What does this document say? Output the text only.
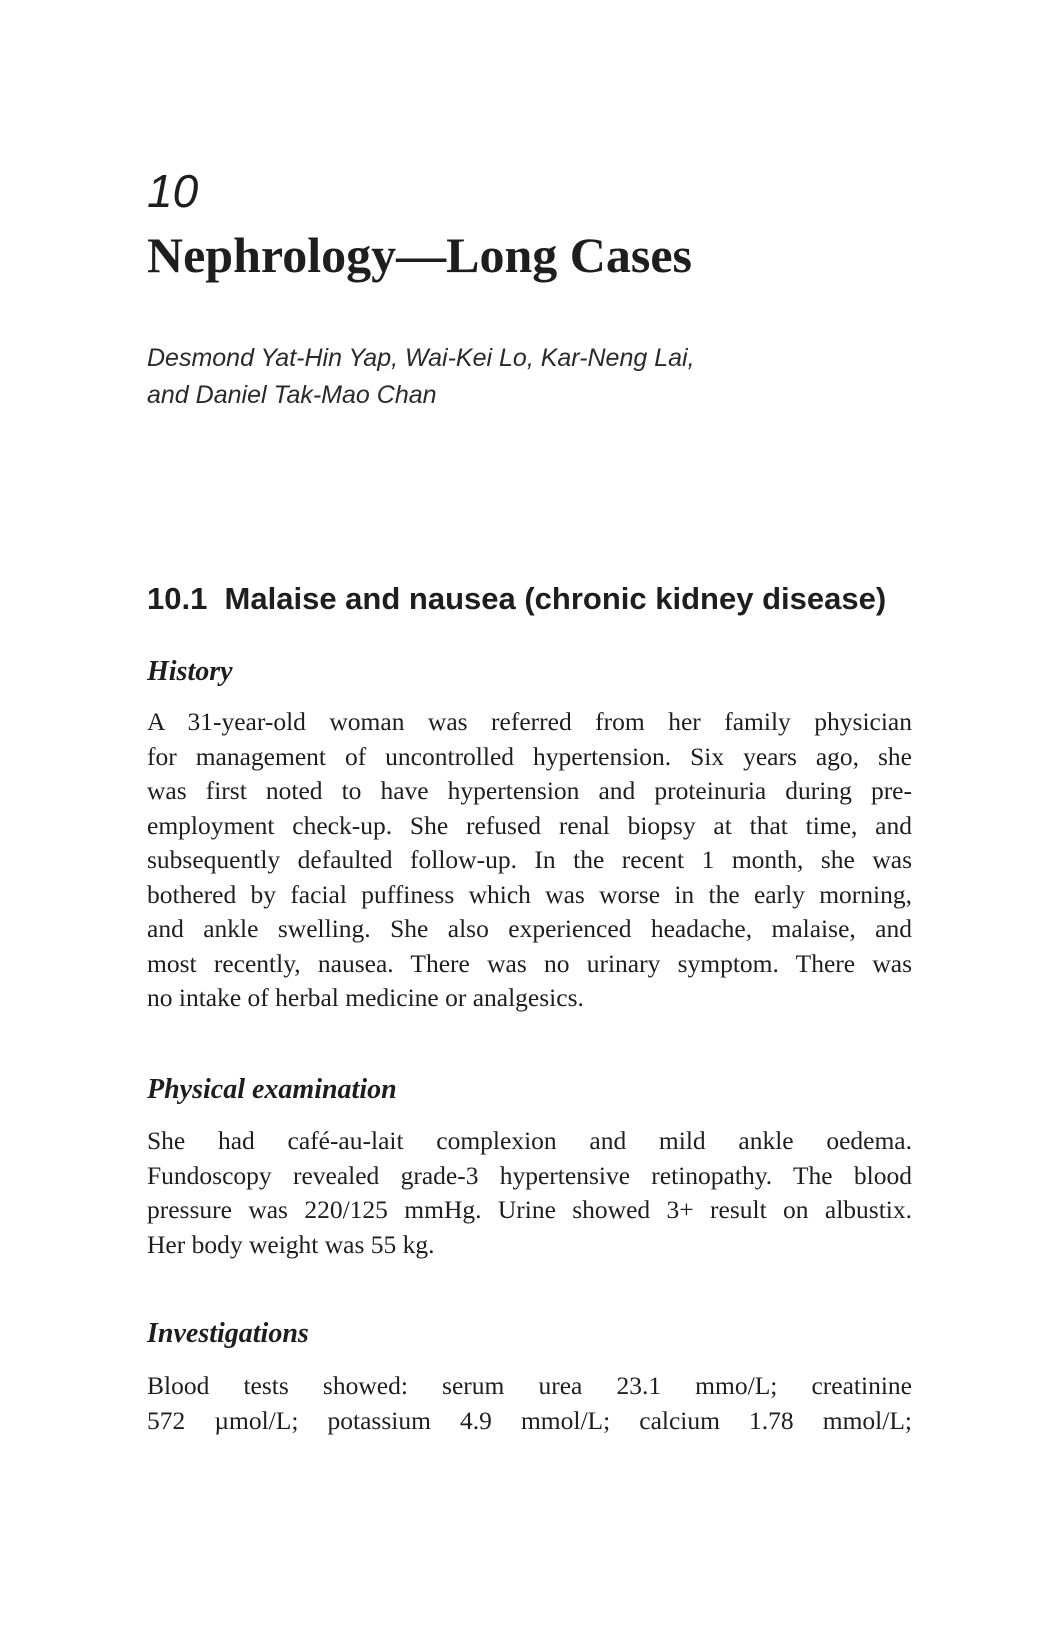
10
Nephrology—Long Cases
Desmond Yat-Hin Yap, Wai-Kei Lo, Kar-Neng Lai,
and Daniel Tak-Mao Chan
10.1  Malaise and nausea (chronic kidney disease)
History
A 31-year-old woman was referred from her family physician
for management of uncontrolled hypertension. Six years ago, she
was first noted to have hypertension and proteinuria during pre-
employment check-up. She refused renal biopsy at that time, and
subsequently defaulted follow-up. In the recent 1 month, she was
bothered by facial puffiness which was worse in the early morning,
and ankle swelling. She also experienced headache, malaise, and
most recently, nausea. There was no urinary symptom. There was
no intake of herbal medicine or analgesics.
Physical examination
She had café-au-lait complexion and mild ankle oedema.
Fundoscopy revealed grade-3 hypertensive retinopathy. The blood
pressure was 220/125 mmHg. Urine showed 3+ result on albustix.
Her body weight was 55 kg.
Investigations
Blood tests showed: serum urea 23.1 mmo/L; creatinine
572 µmol/L; potassium 4.9 mmol/L; calcium 1.78 mmol/L;
